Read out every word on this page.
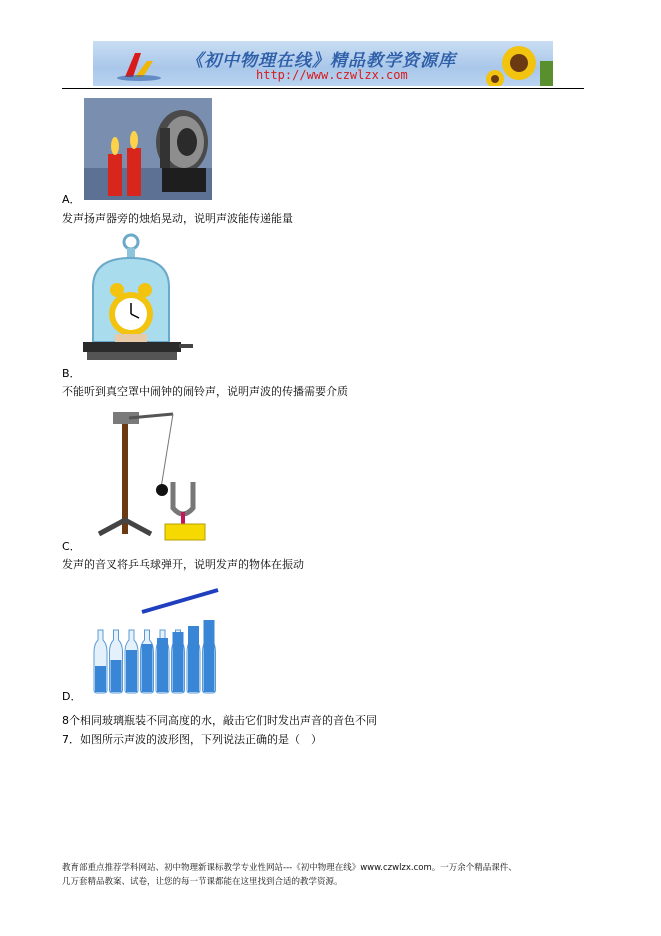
《初中物理在线》精品教学资源库
http://www.czwlzx.com
A．
发声扬声器旁的烛焰晃动，说明声波能传递能量
B．
不能听到真空罩中闹钟的闹铃声，说明声波的传播需要介质
C．
发声的音叉将乒乓球弹开，说明发声的物体在振动
D．
8个相同玻璃瓶装不同高度的水，敲击它们时发出声音的音色不同
7．如图所示声波的波形图，下列说法正确的是（　）
教育部重点推荐学科网站、初中物理新课标教学专业性网站---《初中物理在线》www.czwlzx.com。一万余个精品课件、
几万套精品教案、试卷，让您的每一节课都能在这里找到合适的教学资源。
